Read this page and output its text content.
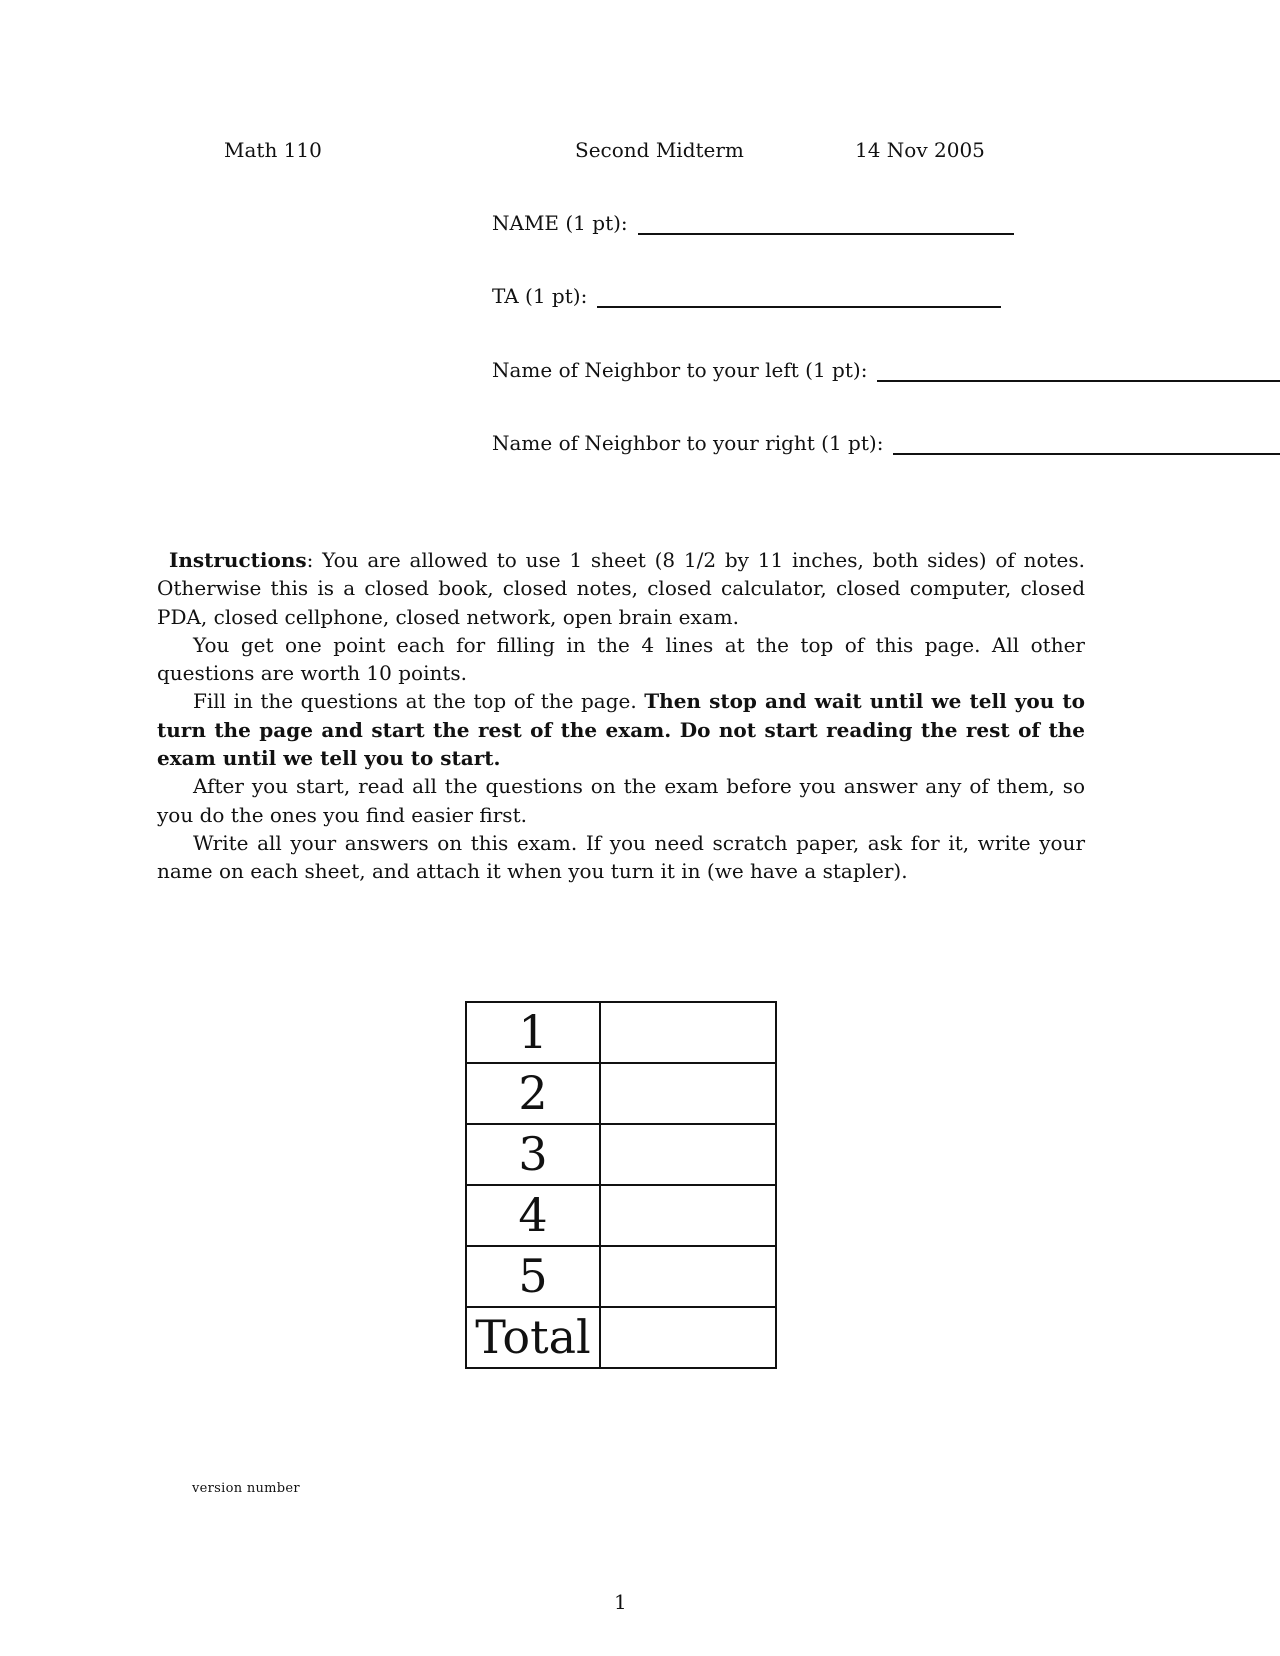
Math 110	Second Midterm	14 Nov 2005
NAME (1 pt):
TA (1 pt):
Name of Neighbor to your left (1 pt):
Name of Neighbor to your right (1 pt):

Instructions: You are allowed to use 1 sheet (8 1/2 by 11 inches, both sides) of notes. Otherwise this is a closed book, closed notes, closed calculator, closed computer, closed PDA, closed cellphone, closed network, open brain exam.

You get one point each for filling in the 4 lines at the top of this page. All other questions are worth 10 points.

Fill in the questions at the top of the page. Then stop and wait until we tell you to turn the page and start the rest of the exam. Do not start reading the rest of the exam until we tell you to start.

After you start, read all the questions on the exam before you answer any of them, so you do the ones you find easier first.

Write all your answers on this exam. If you need scratch paper, ask for it, write your name on each sheet, and attach it when you turn it in (we have a stapler).

1	
2	
3	
4	
5	
Total	
version number
1
